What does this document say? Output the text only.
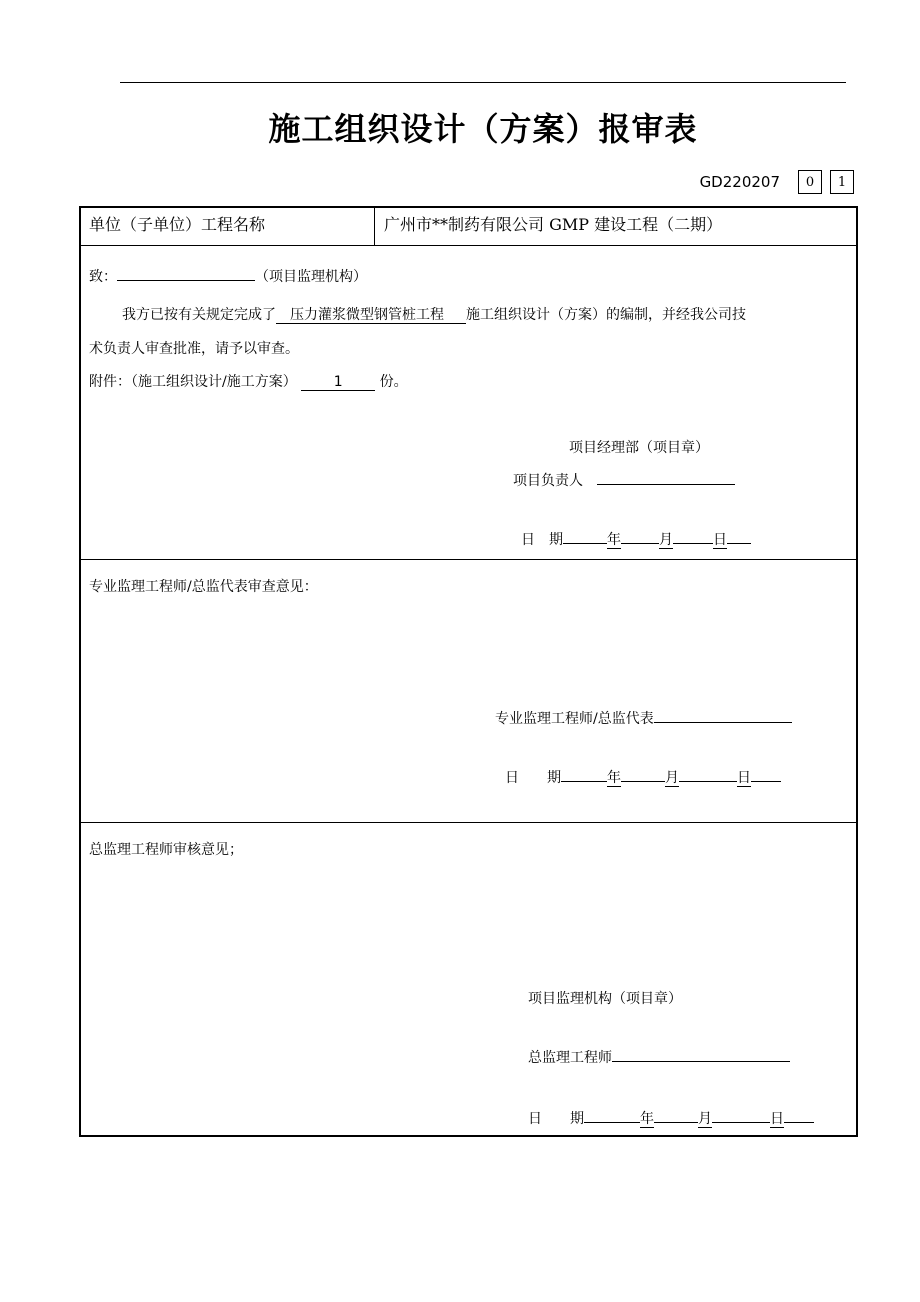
施工组织设计（方案）报审表
GD220207	0	1
单位（子单位）工程名称	广州市**制药有限公司 GMP 建设工程（二期）
致：	（项目监理机构）
我方已按有关规定完成了 压力灌浆微型钢管桩工程 施工组织设计（方案）的编制，并经我公司技
术负责人审查批准，请予以审查。
附件：（施工组织设计/施工方案）	1	份。
项目经理部（项目章）
项目负责人　
日　期	年	月	日
专业监理工程师/总监代表审查意见：
专业监理工程师/总监代表
日　　期	年	月	日
总监理工程师审核意见；
项目监理机构（项目章）
总监理工程师
日　　期	年	月	日
